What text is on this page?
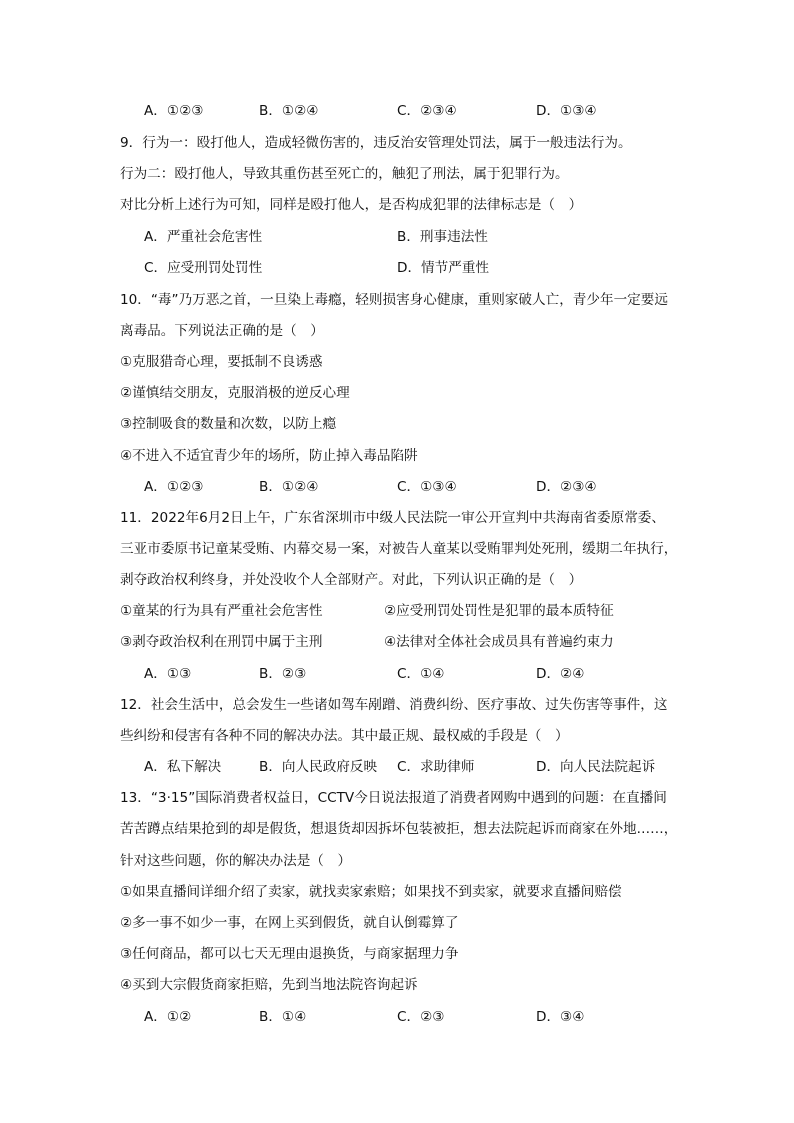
A．①②③	B．①②④	C．②③④	D．①③④
9．行为一：殴打他人，造成轻微伤害的，违反治安管理处罚法，属于一般违法行为。
行为二：殴打他人，导致其重伤甚至死亡的，触犯了刑法，属于犯罪行为。
对比分析上述行为可知，同样是殴打他人，是否构成犯罪的法律标志是（　）
A．严重社会危害性	B．刑事违法性
C．应受刑罚处罚性	D．情节严重性
10．“毒”乃万恶之首，一旦染上毒瘾，轻则损害身心健康，重则家破人亡，青少年一定要远
离毒品。下列说法正确的是（　）
①克服猎奇心理，要抵制不良诱惑
②谨慎结交朋友，克服消极的逆反心理
③控制吸食的数量和次数，以防上瘾
④不进入不适宜青少年的场所，防止掉入毒品陷阱
A．①②③	B．①②④	C．①③④	D．②③④
11．2022年6月2日上午，广东省深圳市中级人民法院一审公开宣判中共海南省委原常委、
三亚市委原书记童某受贿、内幕交易一案，对被告人童某以受贿罪判处死刑，缓期二年执行，
剥夺政治权利终身，并处没收个人全部财产。对此，下列认识正确的是（　）
①童某的行为具有严重社会危害性	②应受刑罚处罚性是犯罪的最本质特征
③剥夺政治权利在刑罚中属于主刑	④法律对全体社会成员具有普遍约束力
A．①③	B．②③	C．①④	D．②④
12．社会生活中，总会发生一些诸如驾车剐蹭、消费纠纷、医疗事故、过失伤害等事件，这
些纠纷和侵害有各种不同的解决办法。其中最正规、最权威的手段是（　）
A．私下解决	B．向人民政府反映 C．求助律师	D．向人民法院起诉
13．“3·15”国际消费者权益日，CCTV今日说法报道了消费者网购中遇到的问题：在直播间
苦苦蹲点结果抢到的却是假货，想退货却因拆坏包装被拒，想去法院起诉而商家在外地……，
针对这些问题，你的解决办法是（　）
①如果直播间详细介绍了卖家，就找卖家索赔；如果找不到卖家，就要求直播间赔偿
②多一事不如少一事，在网上买到假货，就自认倒霉算了
③任何商品，都可以七天无理由退换货，与商家据理力争
④买到大宗假货商家拒赔，先到当地法院咨询起诉
A．①②	B．①④	C．②③	D．③④
